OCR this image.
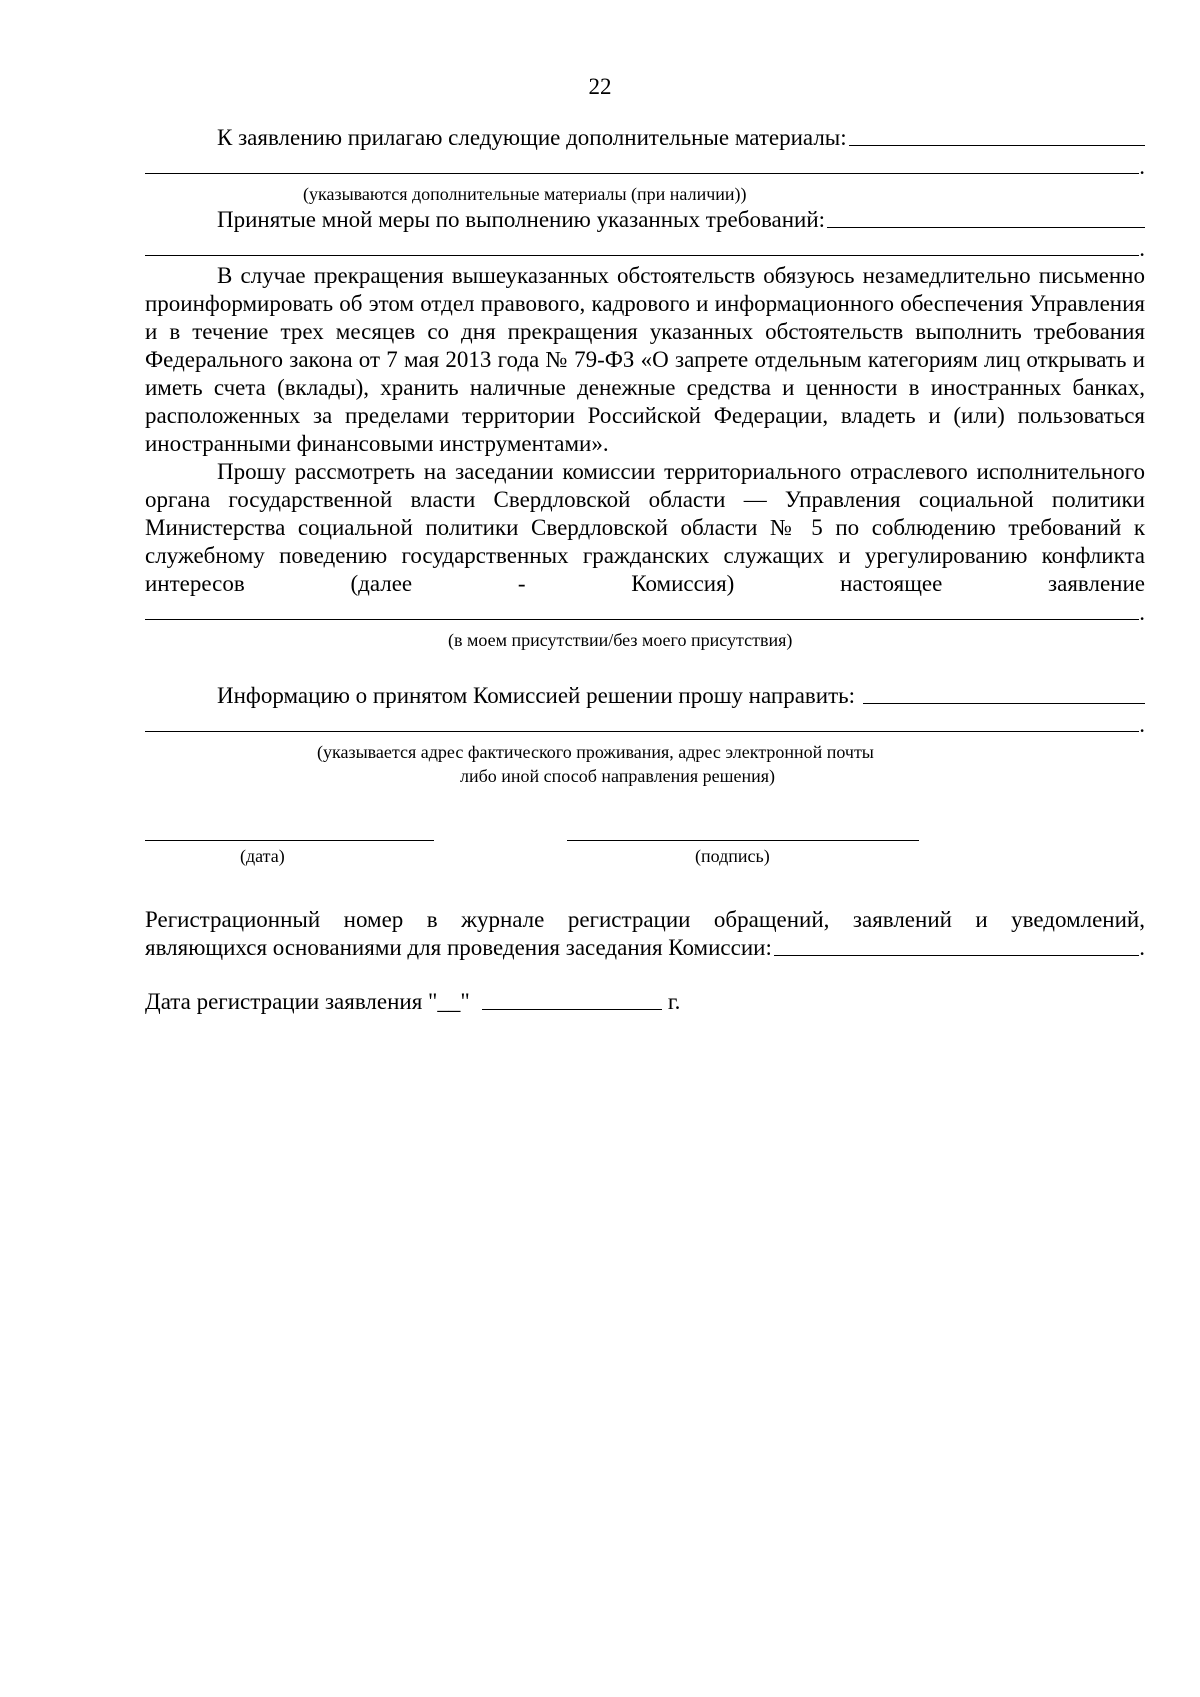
22
К заявлению прилагаю следующие дополнительные материалы:
.
(указываются дополнительные материалы (при наличии))
Принятые мной меры по выполнению указанных требований:
.

В случае прекращения вышеуказанных обстоятельств обязуюсь незамедлительно письменно проинформировать об этом отдел правового, кадрового и информационного обеспечения Управления и в течение трех месяцев со дня прекращения указанных обстоятельств выполнить требования Федерального закона от 7 мая 2013 года № 79-ФЗ «О запрете отдельным категориям лиц открывать и иметь счета (вклады), хранить наличные денежные средства и ценности в иностранных банках, расположенных за пределами территории Российской Федерации, владеть и (или) пользоваться иностранными финансовыми инструментами».

Прошу рассмотреть на заседании комиссии территориального отраслевого исполнительного органа государственной власти Свердловской области — Управления социальной политики Министерства социальной политики Свердловской области № 5 по соблюдению требований к служебному поведению государственных гражданских служащих и урегулированию конфликта интересов (далее - Комиссия) настоящее заявление

.
(в моем присутствии/без моего присутствия)
Информацию о принятом Комиссией решении прошу направить:
.
(указывается адрес фактического проживания, адрес электронной почты
либо иной способ направления решения)
(дата)	(подпись)
Регистрационный номер в журнале регистрации обращений, заявлений и уведомлений,
являющихся основаниями для проведения заседания Комиссии:	.
Дата регистрации заявления " __ "	г.
